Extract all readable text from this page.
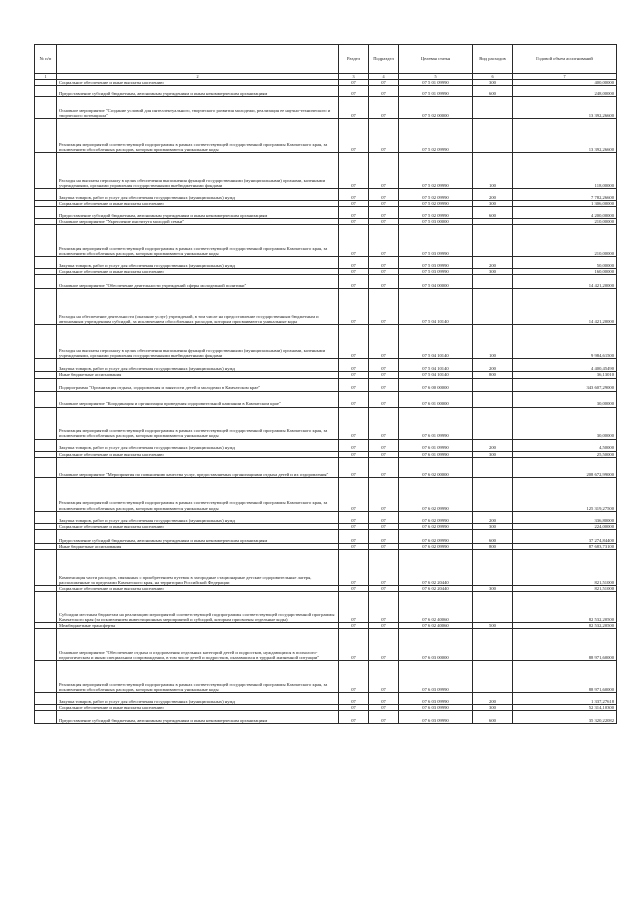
№ п/п		Раздел	Подраздел	Целевая статья	Вид расходов	Годовой объем ассигнований
1	2	3	4	5	6	7
	Социальное обеспечение и иные выплаты населению	07	07	07 5 01 09990	300	400,00000
	Предоставление субсидий бюджетным, автономным учреждениям и иным некоммерческим организациям	07	07	07 5 01 09990	600	248,00000
	Основное мероприятие "Создание условий для интеллектуального, творческого развития молодежи, реализация ее научно-технического и творческого потенциала"	07	07	07 5 02 00000		13 392,26600
	Реализация мероприятий соответствующей подпрограммы в рамках соответствующей государственной программы Камчатского края, за исключением обособленных расходов, которым присваиваются уникальные коды	07	07	07 5 02 09990		13 392,26600
	Расходы на выплаты персоналу в целях обеспечения выполнения функций государственными (муниципальными) органами, казенными учреждениями, органами управления государственными внебюджетными фондами	07	07	07 5 02 09990	100	118,00000
	Закупка товаров, работ и услуг для обеспечения государственных (муниципальных) нужд	07	07	07 5 02 09990	200	7 782,26600
	Социальное обеспечение и иные выплаты населению	07	07	07 5 02 09990	300	1 306,00000
	Предоставление субсидий бюджетным, автономным учреждениям и иным некоммерческим организациям	07	07	07 5 02 09990	600	4 200,00000
	Основное мероприятие "Укрепление института молодой семьи"	07	07	07 5 03 00000		210,00000
	Реализация мероприятий соответствующей подпрограммы в рамках соответствующей государственной программы Камчатского края, за исключением обособленных расходов, которым присваиваются уникальные коды	07	07	07 5 03 09990		210,00000
	Закупка товаров, работ и услуг для обеспечения государственных (муниципальных) нужд	07	07	07 5 03 09990	200	50,00000
	Социальное обеспечение и иные выплаты населению	07	07	07 5 03 09990	300	160,00000
	Основное мероприятие "Обеспечение деятельности учреждений сферы молодежной политики"	07	07	07 5 04 00000		14 421,20000
	Расходы на обеспечение деятельности (оказание услуг) учреждений, в том числе на предоставление государственным бюджетным и автономным учреждениям субсидий, за исключением обособленных расходов, которым присваиваются уникальные коды	07	07	07 5 04 10140		14 421,20000
	Расходы на выплаты персоналу в целях обеспечения выполнения функций государственными (муниципальными) органами, казенными учреждениями, органами управления государственными внебюджетными фондами	07	07	07 5 04 10140	100	9 984,61500
	Закупка товаров, работ и услуг для обеспечения государственных (муниципальных) нужд	07	07	07 5 04 10140	200	4 400,45490
	Иные бюджетные ассигнования	07	07	07 5 04 10140	800	36,13010
	Подпрограмма "Организация отдыха, оздоровления и занятости детей и молодежи в Камчатском крае"	07	07	07 6 00 00000		343 607,29000
	Основное мероприятие "Координация и организация проведения оздоровительной кампании в Камчатском крае"	07	07	07 6 01 00000		30,00000
	Реализация мероприятий соответствующей подпрограммы в рамках соответствующей государственной программы Камчатского края, за исключением обособленных расходов, которым присваиваются уникальные коды	07	07	07 6 01 09990		30,00000
	Закупка товаров, работ и услуг для обеспечения государственных (муниципальных) нужд	07	07	07 6 01 09990	200	4,50000
	Социальное обеспечение и иные выплаты населению	07	07	07 6 01 09990	300	25,50000
	Основное мероприятие "Мероприятия по повышению качества услуг, предоставляемых организациями отдыха детей и их оздоровления"	07	07	07 6 02 00000		208 672,99000
	Реализация мероприятий соответствующей подпрограммы в рамках соответствующей государственной программы Камчатского края, за исключением обособленных расходов, которым присваиваются уникальные коды	07	07	07 6 02 09990		125 319,27500
	Закупка товаров, работ и услуг для обеспечения государственных (муниципальных) нужд	07	07	07 6 02 09990	200	336,80000
	Социальное обеспечение и иные выплаты населению	07	07	07 6 02 09990	300	224,00000
	Предоставление субсидий бюджетным, автономным учреждениям и иным некоммерческим организациям	07	07	07 6 02 09990	600	37 274,84400
	Иные бюджетные ассигнования	07	07	07 6 02 09990	800	87 683,73100
	Компенсация части расходов, связанных с приобретением путевок в загородные стационарные детские оздоровительные лагеря, расположенные за пределами Камчатского края, на территории Российской Федерации	07	07	07 6 02 20440		821,51000
	Социальное обеспечение и иные выплаты населению	07	07	07 6 02 20440	300	821,51000
	Субсидии местным бюджетам на реализацию мероприятий соответствующей подпрограммы соответствующей государственной программы Камчатского края (за исключением инвестиционных мероприятий и субсидий, которым присвоены отдельные коды)	07	07	07 6 02 40060		82 532,20500
	Межбюджетные трансферты	07	07	07 6 02 40060	500	82 532,20500
	Основное мероприятие "Обеспечение отдыха и оздоровления отдельных категорий детей и подростков, нуждающихся в психолого-педагогическом и иным специальном сопровождении, в том числе детей и подростков, оказавшихся в трудной жизненной ситуации"	07	07	07 6 03 00000		88 971,60000
	Реализация мероприятий соответствующей подпрограммы в рамках соответствующей государственной программы Камчатского края, за исключением обособленных расходов, которым присваиваются уникальные коды	07	07	07 6 03 09990		88 971,60000
	Закупка товаров, работ и услуг для обеспечения государственных (муниципальных) нужд	07	07	07 6 03 09990	200	1 337,27618
	Социальное обеспечение и иные выплаты населению	07	07	07 6 03 09990	300	52 314,10300
	Предоставление субсидий бюджетным, автономным учреждениям и иным некоммерческим организациям	07	07	07 6 03 09990	600	35 320,22082
